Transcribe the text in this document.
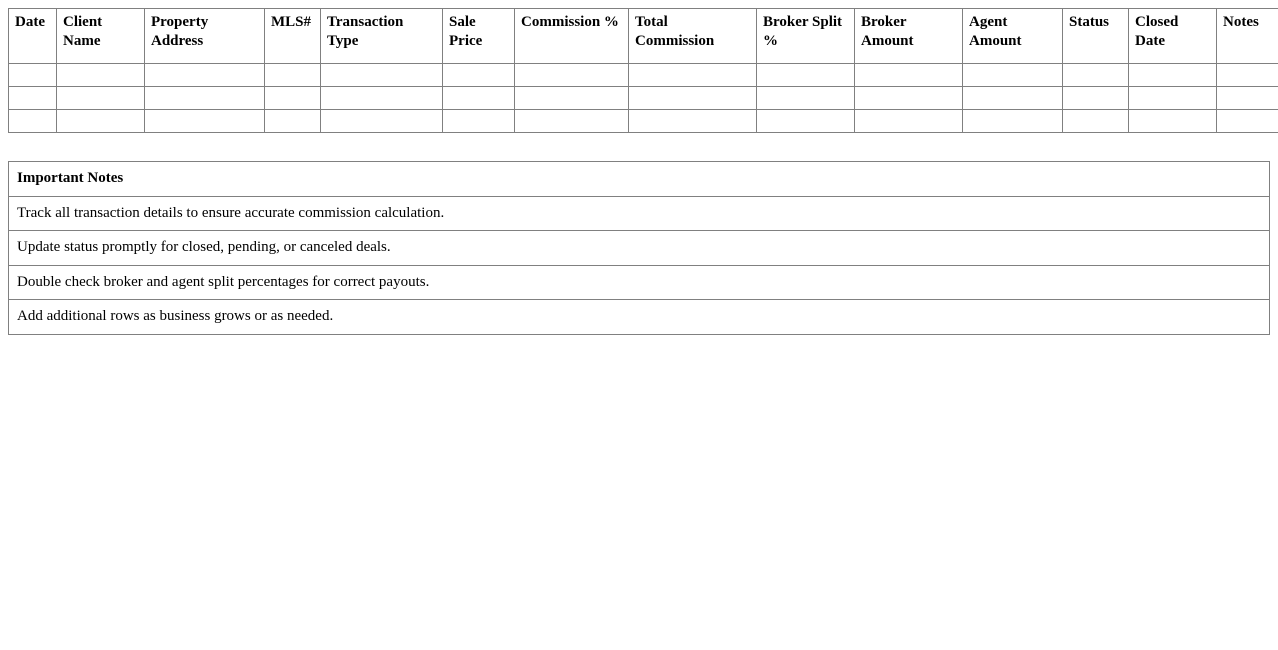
Date	Client Name	Property Address	MLS#	Transaction Type	Sale Price	Commission %	Total Commission	Broker Split %	Broker Amount	Agent Amount	Status	Closed Date	Notes

Important Notes
Track all transaction details to ensure accurate commission calculation.
Update status promptly for closed, pending, or canceled deals.
Double check broker and agent split percentages for correct payouts.
Add additional rows as business grows or as needed.
